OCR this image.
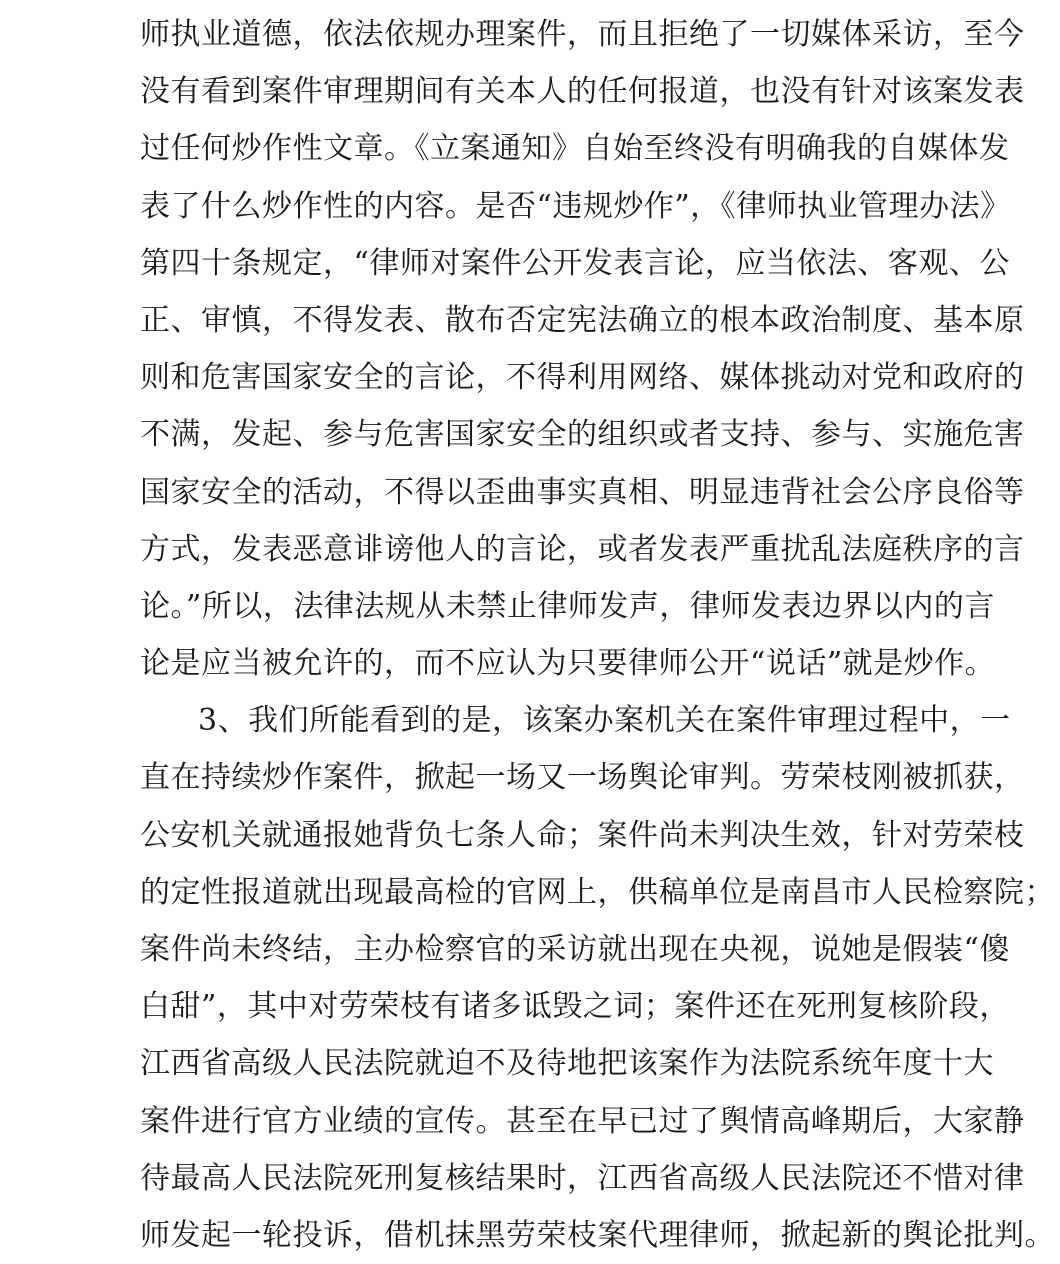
师执业道德，依法依规办理案件，而且拒绝了一切媒体采访，至今
没有看到案件审理期间有关本人的任何报道，也没有针对该案发表
过任何炒作性文章。《立案通知》自始至终没有明确我的自媒体发
表了什么炒作性的内容。是否“违规炒作”，《律师执业管理办法》
第四十条规定，“律师对案件公开发表言论，应当依法、客观、公
正、审慎，不得发表、散布否定宪法确立的根本政治制度、基本原
则和危害国家安全的言论，不得利用网络、媒体挑动对党和政府的
不满，发起、参与危害国家安全的组织或者支持、参与、实施危害
国家安全的活动，不得以歪曲事实真相、明显违背社会公序良俗等
方式，发表恶意诽谤他人的言论，或者发表严重扰乱法庭秩序的言
论。”所以，法律法规从未禁止律师发声，律师发表边界以内的言
论是应当被允许的，而不应认为只要律师公开“说话”就是炒作。
3、我们所能看到的是，该案办案机关在案件审理过程中，一
直在持续炒作案件，掀起一场又一场舆论审判。劳荣枝刚被抓获，
公安机关就通报她背负七条人命；案件尚未判决生效，针对劳荣枝
的定性报道就出现最高检的官网上，供稿单位是南昌市人民检察院；
案件尚未终结，主办检察官的采访就出现在央视，说她是假装“傻
白甜”，其中对劳荣枝有诸多诋毁之词；案件还在死刑复核阶段，
江西省高级人民法院就迫不及待地把该案作为法院系统年度十大
案件进行官方业绩的宣传。甚至在早已过了舆情高峰期后，大家静
待最高人民法院死刑复核结果时，江西省高级人民法院还不惜对律
师发起一轮投诉，借机抹黑劳荣枝案代理律师，掀起新的舆论批判。
